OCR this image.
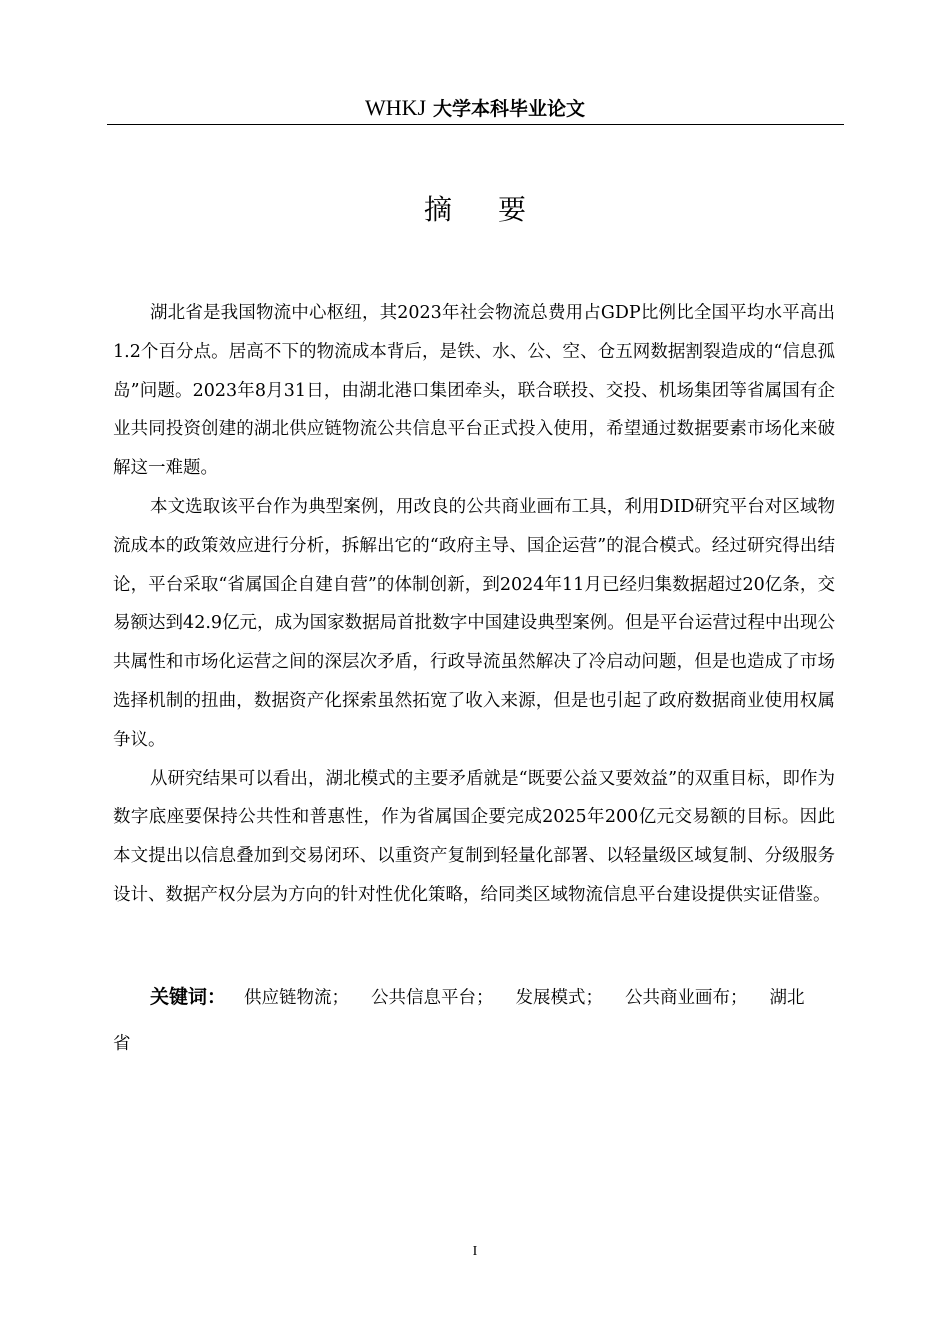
WHKJ 大学本科毕业论文
摘要

湖北省是我国物流中心枢纽，其2023年社会物流总费用占GDP比例比全国平均水平高出1.2个百分点。居高不下的物流成本背后，是铁、水、公、空、仓五网数据割裂造成的“信息孤岛”问题。2023年8月31日，由湖北港口集团牵头，联合联投、交投、机场集团等省属国有企业共同投资创建的湖北供应链物流公共信息平台正式投入使用，希望通过数据要素市场化来破解这一难题。

本文选取该平台作为典型案例，用改良的公共商业画布工具，利用DID研究平台对区域物流成本的政策效应进行分析，拆解出它的“政府主导、国企运营”的混合模式。经过研究得出结论，平台采取“省属国企自建自营”的体制创新，到2024年11月已经归集数据超过20亿条，交易额达到42.9亿元，成为国家数据局首批数字中国建设典型案例。但是平台运营过程中出现公共属性和市场化运营之间的深层次矛盾，行政导流虽然解决了冷启动问题，但是也造成了市场选择机制的扭曲，数据资产化探索虽然拓宽了收入来源，但是也引起了政府数据商业使用权属争议。

从研究结果可以看出，湖北模式的主要矛盾就是“既要公益又要效益”的双重目标，即作为数字底座要保持公共性和普惠性，作为省属国企要完成2025年200亿元交易额的目标。因此本文提出以信息叠加到交易闭环、以重资产复制到轻量化部署、以轻量级区域复制、分级服务设计、数据产权分层为方向的针对性优化策略，给同类区域物流信息平台建设提供实证借鉴。

关键词： 供应链物流； 公共信息平台； 发展模式； 公共商业画布； 湖北省
I
